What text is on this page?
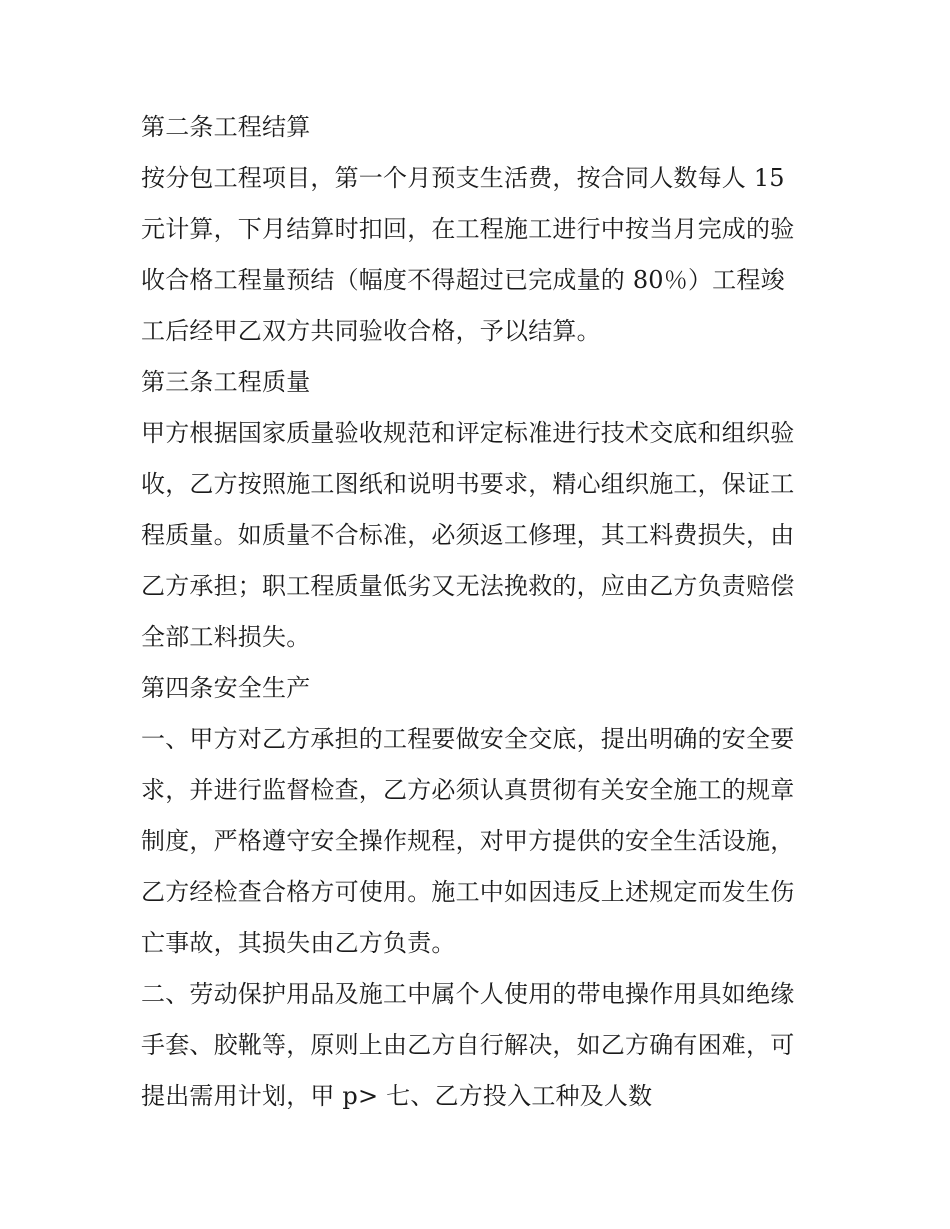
第二条工程结算
按分包工程项目，第一个月预支生活费，按合同人数每人 15
元计算，下月结算时扣回，在工程施工进行中按当月完成的验
收合格工程量预结（幅度不得超过已完成量的 80％）工程竣
工后经甲乙双方共同验收合格，予以结算。
第三条工程质量
甲方根据国家质量验收规范和评定标准进行技术交底和组织验
收，乙方按照施工图纸和说明书要求，精心组织施工，保证工
程质量。如质量不合标准，必须返工修理，其工料费损失，由
乙方承担；职工程质量低劣又无法挽救的，应由乙方负责赔偿
全部工料损失。
第四条安全生产
一、甲方对乙方承担的工程要做安全交底，提出明确的安全要
求，并进行监督检查，乙方必须认真贯彻有关安全施工的规章
制度，严格遵守安全操作规程，对甲方提供的安全生活设施，
乙方经检查合格方可使用。施工中如因违反上述规定而发生伤
亡事故，其损失由乙方负责。
二、劳动保护用品及施工中属个人使用的带电操作用具如绝缘
手套、胶靴等，原则上由乙方自行解决，如乙方确有困难，可
提出需用计划，甲 p> 七、乙方投入工种及人数
